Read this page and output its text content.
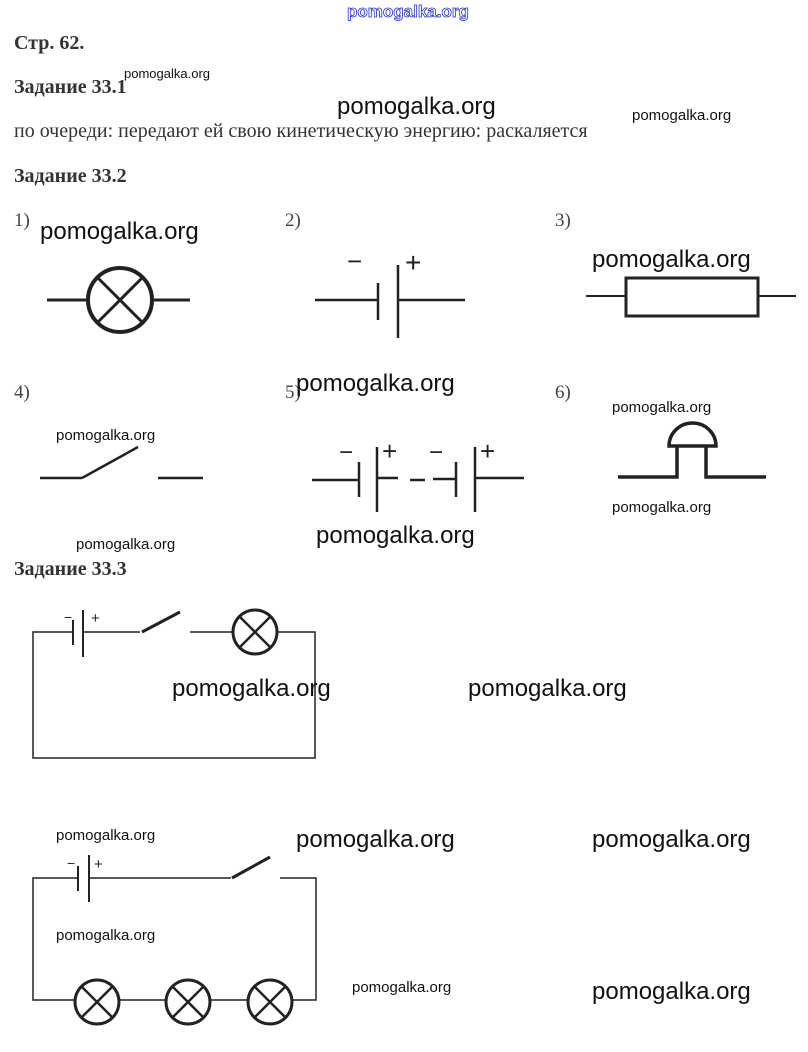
pomogalka.org
Стр. 62.
Задание 33.1
по очереди: передают ей свою кинетическую энергию: раскаляется
Задание 33.2
1)	2)	3)
4)	5)	6)
Задание 33.3
− +
− + − +
− +
− +
pomogalka.org
pomogalka.org	pomogalka.org
pomogalka.org
pomogalka.org
pomogalka.org
pomogalka.org
pomogalka.org
pomogalka.org
pomogalka.org
pomogalka.org
pomogalka.org	pomogalka.org
pomogalka.org	pomogalka.org	pomogalka.org
pomogalka.org
pomogalka.org	pomogalka.org
